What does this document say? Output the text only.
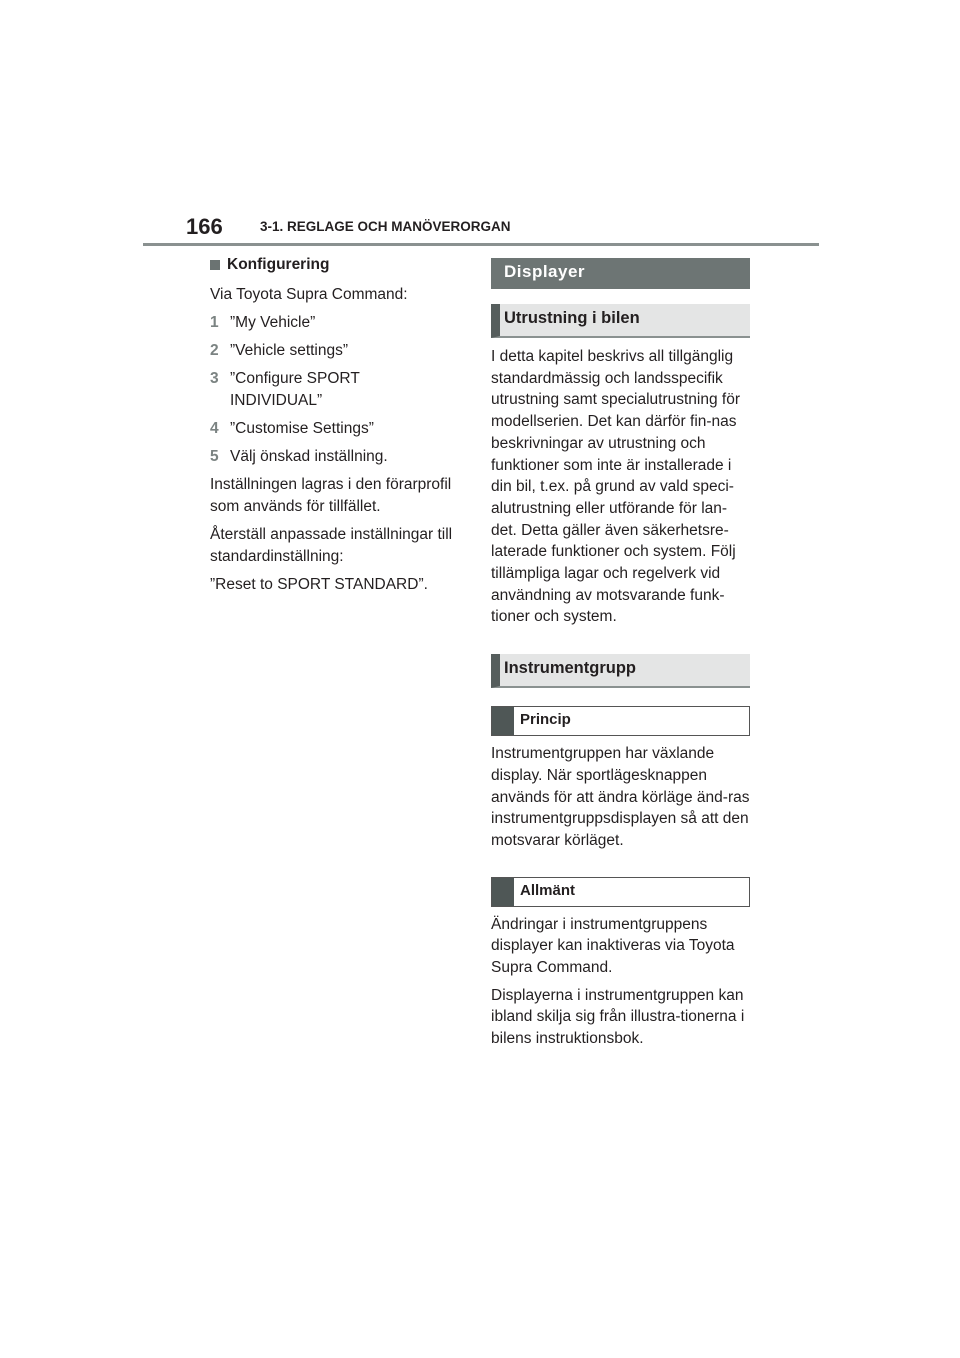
166	3-1. REGLAGE OCH MANÖVERORGAN
Konfigurering

Via Toyota Supra Command:

1 ”My Vehicle”
2 ”Vehicle settings”
3 ”Configure SPORT INDIVIDUAL”
4 ”Customise Settings”
5 Välj önskad inställning.

Inställningen lagras i den förarprofil som används för tillfället.

Återställ anpassade inställningar till standardinställning:

”Reset to SPORT STANDARD”.

Displayer
Utrustning i bilen

I detta kapitel beskrivs all tillgänglig standardmässig och landsspecifik utrustning samt specialutrustning för modellserien. Det kan därför fin-nas beskrivningar av utrustning och funktioner som inte är installerade i din bil, t.ex. på grund av vald speci-alutrustning eller utförande för lan-det. Detta gäller även säkerhetsre-laterade funktioner och system. Följ tillämpliga lagar och regelverk vid användning av motsvarande funk-tioner och system.

Instrumentgrupp
Princip

Instrumentgruppen har växlande display. När sportlägesknappen används för att ändra körläge änd-ras instrumentgruppsdisplayen så att den motsvarar körläget.

Allmänt

Ändringar i instrumentgruppens displayer kan inaktiveras via Toyota Supra Command.

Displayerna i instrumentgruppen kan ibland skilja sig från illustra-tionerna i bilens instruktionsbok.
